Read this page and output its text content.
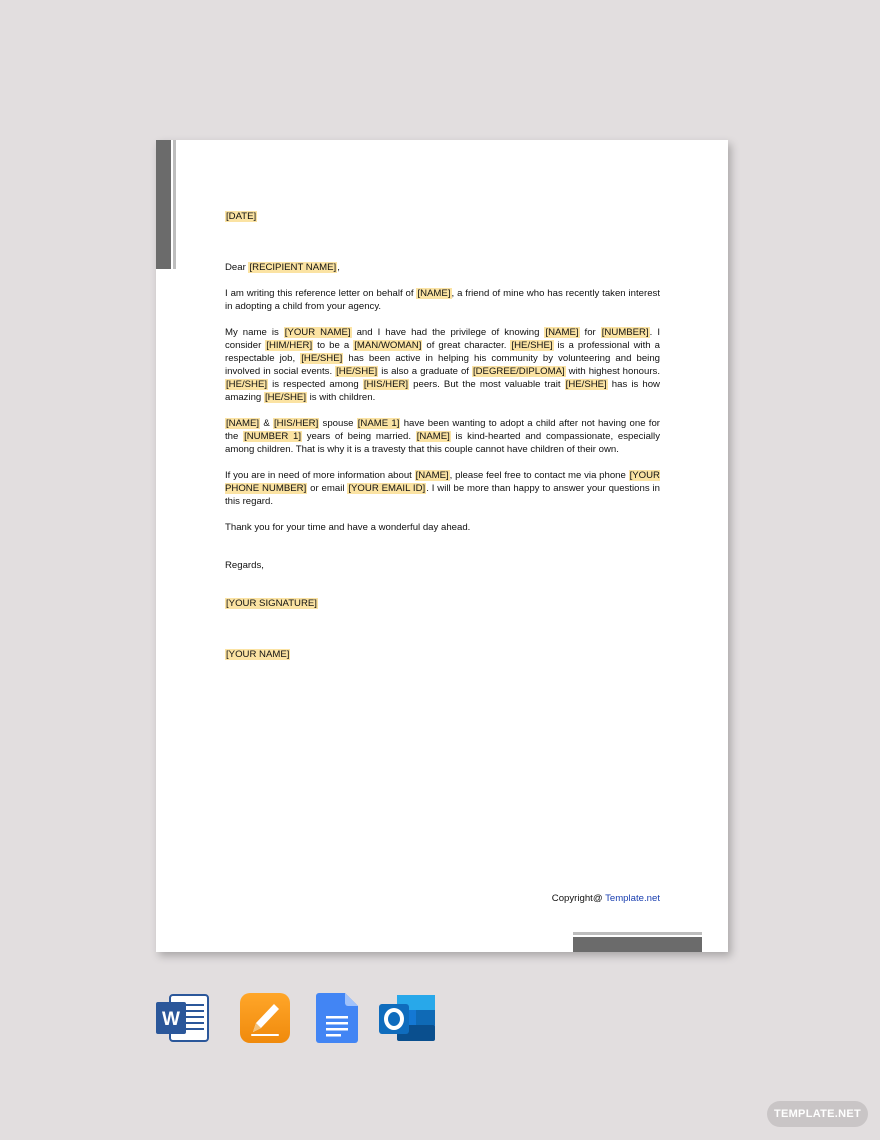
[DATE]

Dear [RECIPIENT NAME],

I am writing this reference letter on behalf of [NAME], a friend of mine who has recently taken interest in adopting a child from your agency.

My name is [YOUR NAME] and I have had the privilege of knowing [NAME] for [NUMBER]. I consider [HIM/HER] to be a [MAN/WOMAN] of great character. [HE/SHE] is a professional with a respectable job, [HE/SHE] has been active in helping his community by volunteering and being involved in social events. [HE/SHE] is also a graduate of [DEGREE/DIPLOMA] with highest honours. [HE/SHE] is respected among [HIS/HER] peers. But the most valuable trait [HE/SHE] has is how amazing [HE/SHE] is with children.

[NAME] & [HIS/HER] spouse [NAME 1] have been wanting to adopt a child after not having one for the [NUMBER 1] years of being married. [NAME] is kind-hearted and compassionate, especially among children. That is why it is a travesty that this couple cannot have children of their own.

If you are in need of more information about [NAME], please feel free to contact me via phone [YOUR PHONE NUMBER] or email [YOUR EMAIL ID]. I will be more than happy to answer your questions in this regard.

Thank you for your time and have a wonderful day ahead.

Regards,

[YOUR SIGNATURE]

[YOUR NAME]

Copyright@ Template.net
W
TEMPLATE.NET
